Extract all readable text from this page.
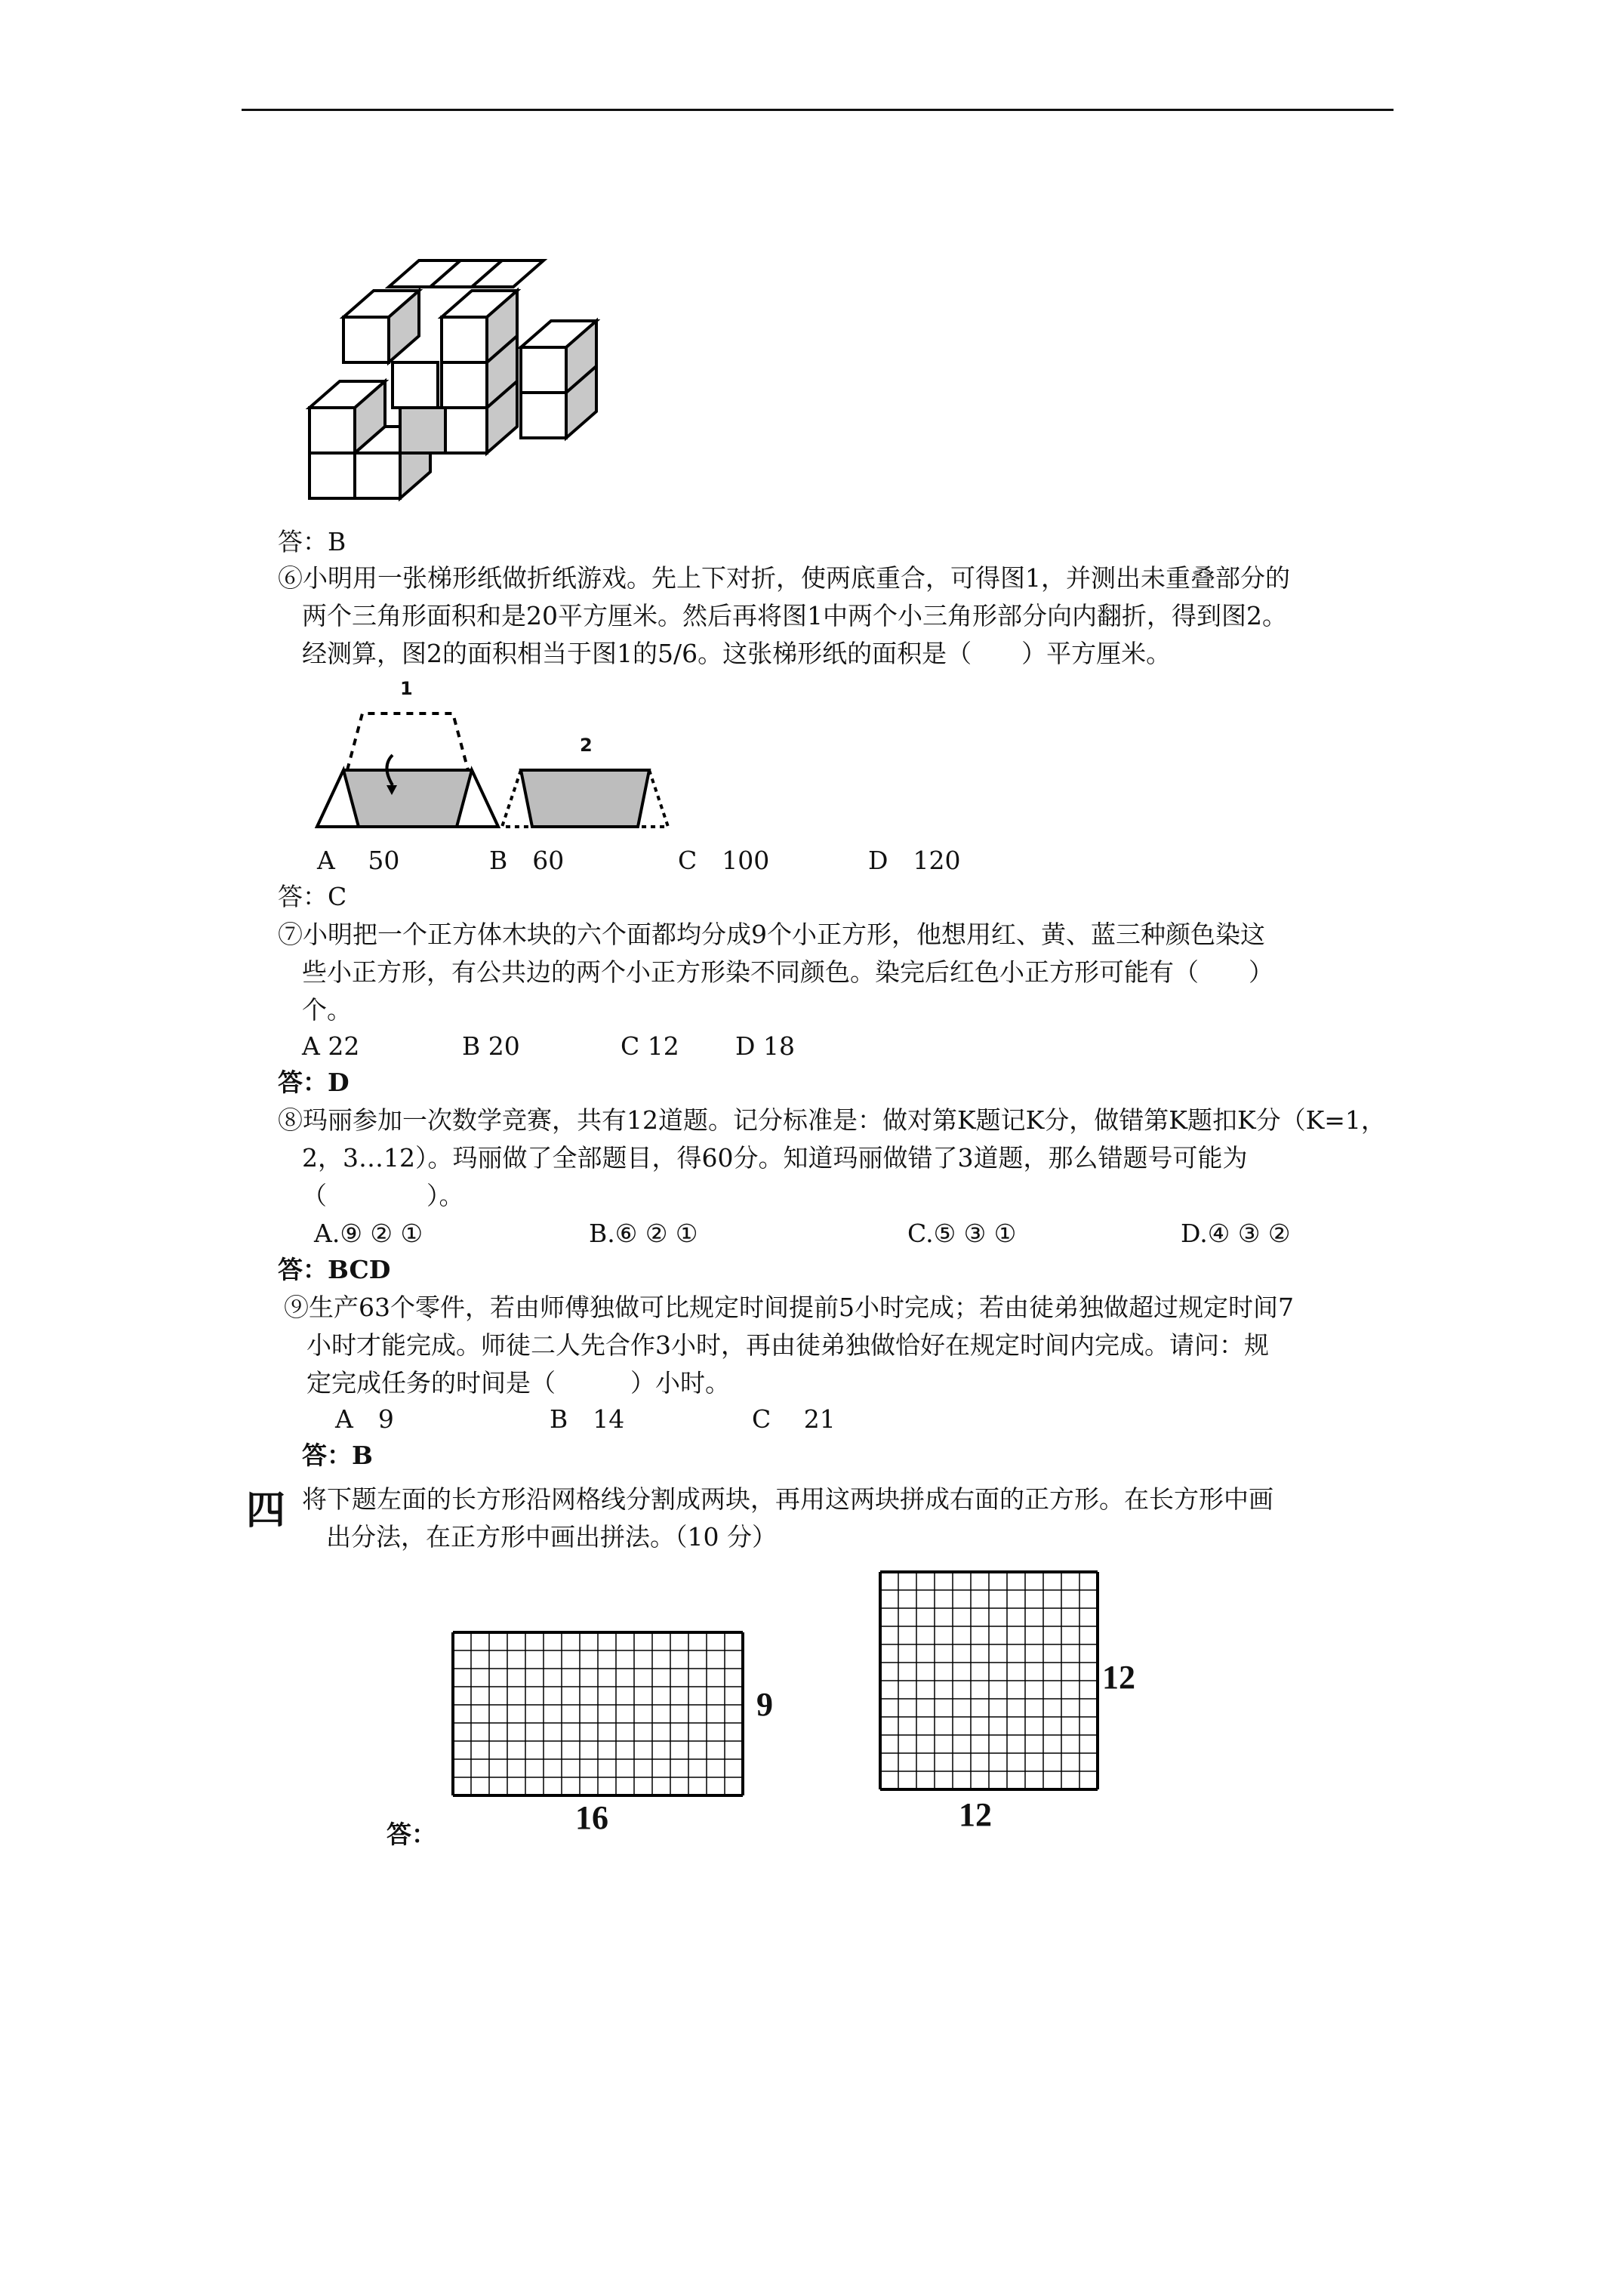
答：B
⑥小明用一张梯形纸做折纸游戏。先上下对折，使两底重合，可得图1，并测出未重叠部分的
两个三角形面积和是20平方厘米。然后再将图1中两个小三角形部分向内翻折，得到图2。
经测算，图2的面积相当于图1的5/6。这张梯形纸的面积是（　　）平方厘米。
1
2
A　 50	B　60	C　100	D　120
答：C
⑦小明把一个正方体木块的六个面都均分成9个小正方形，他想用红、黄、蓝三种颜色染这
些小正方形，有公共边的两个小正方形染不同颜色。染完后红色小正方形可能有（　　）
个。
A 22	B 20	C 12 D 18
答：D
⑧玛丽参加一次数学竞赛，共有12道题。记分标准是：做对第K题记K分，做错第K题扣K分（K=1，
2，3…12）。玛丽做了全部题目，得60分。知道玛丽做错了3道题，那么错题号可能为
（　　　　）。
A.⑨ ② ①	B.⑥ ② ①	C.⑤ ③ ①	D.④ ③ ②
答：BCD
⑨生产63个零件，若由师傅独做可比规定时间提前5小时完成；若由徒弟独做超过规定时间7
小时才能完成。师徒二人先合作3小时，再由徒弟独做恰好在规定时间内完成。请问：规
定完成任务的时间是（　　　）小时。
A　9	B　14	C　 21
答：B
四 将下题左面的长方形沿网格线分割成两块，再用这两块拼成右面的正方形。在长方形中画
出分法，在正方形中画出拼法。（10 分）
9
16
12
12
答：
